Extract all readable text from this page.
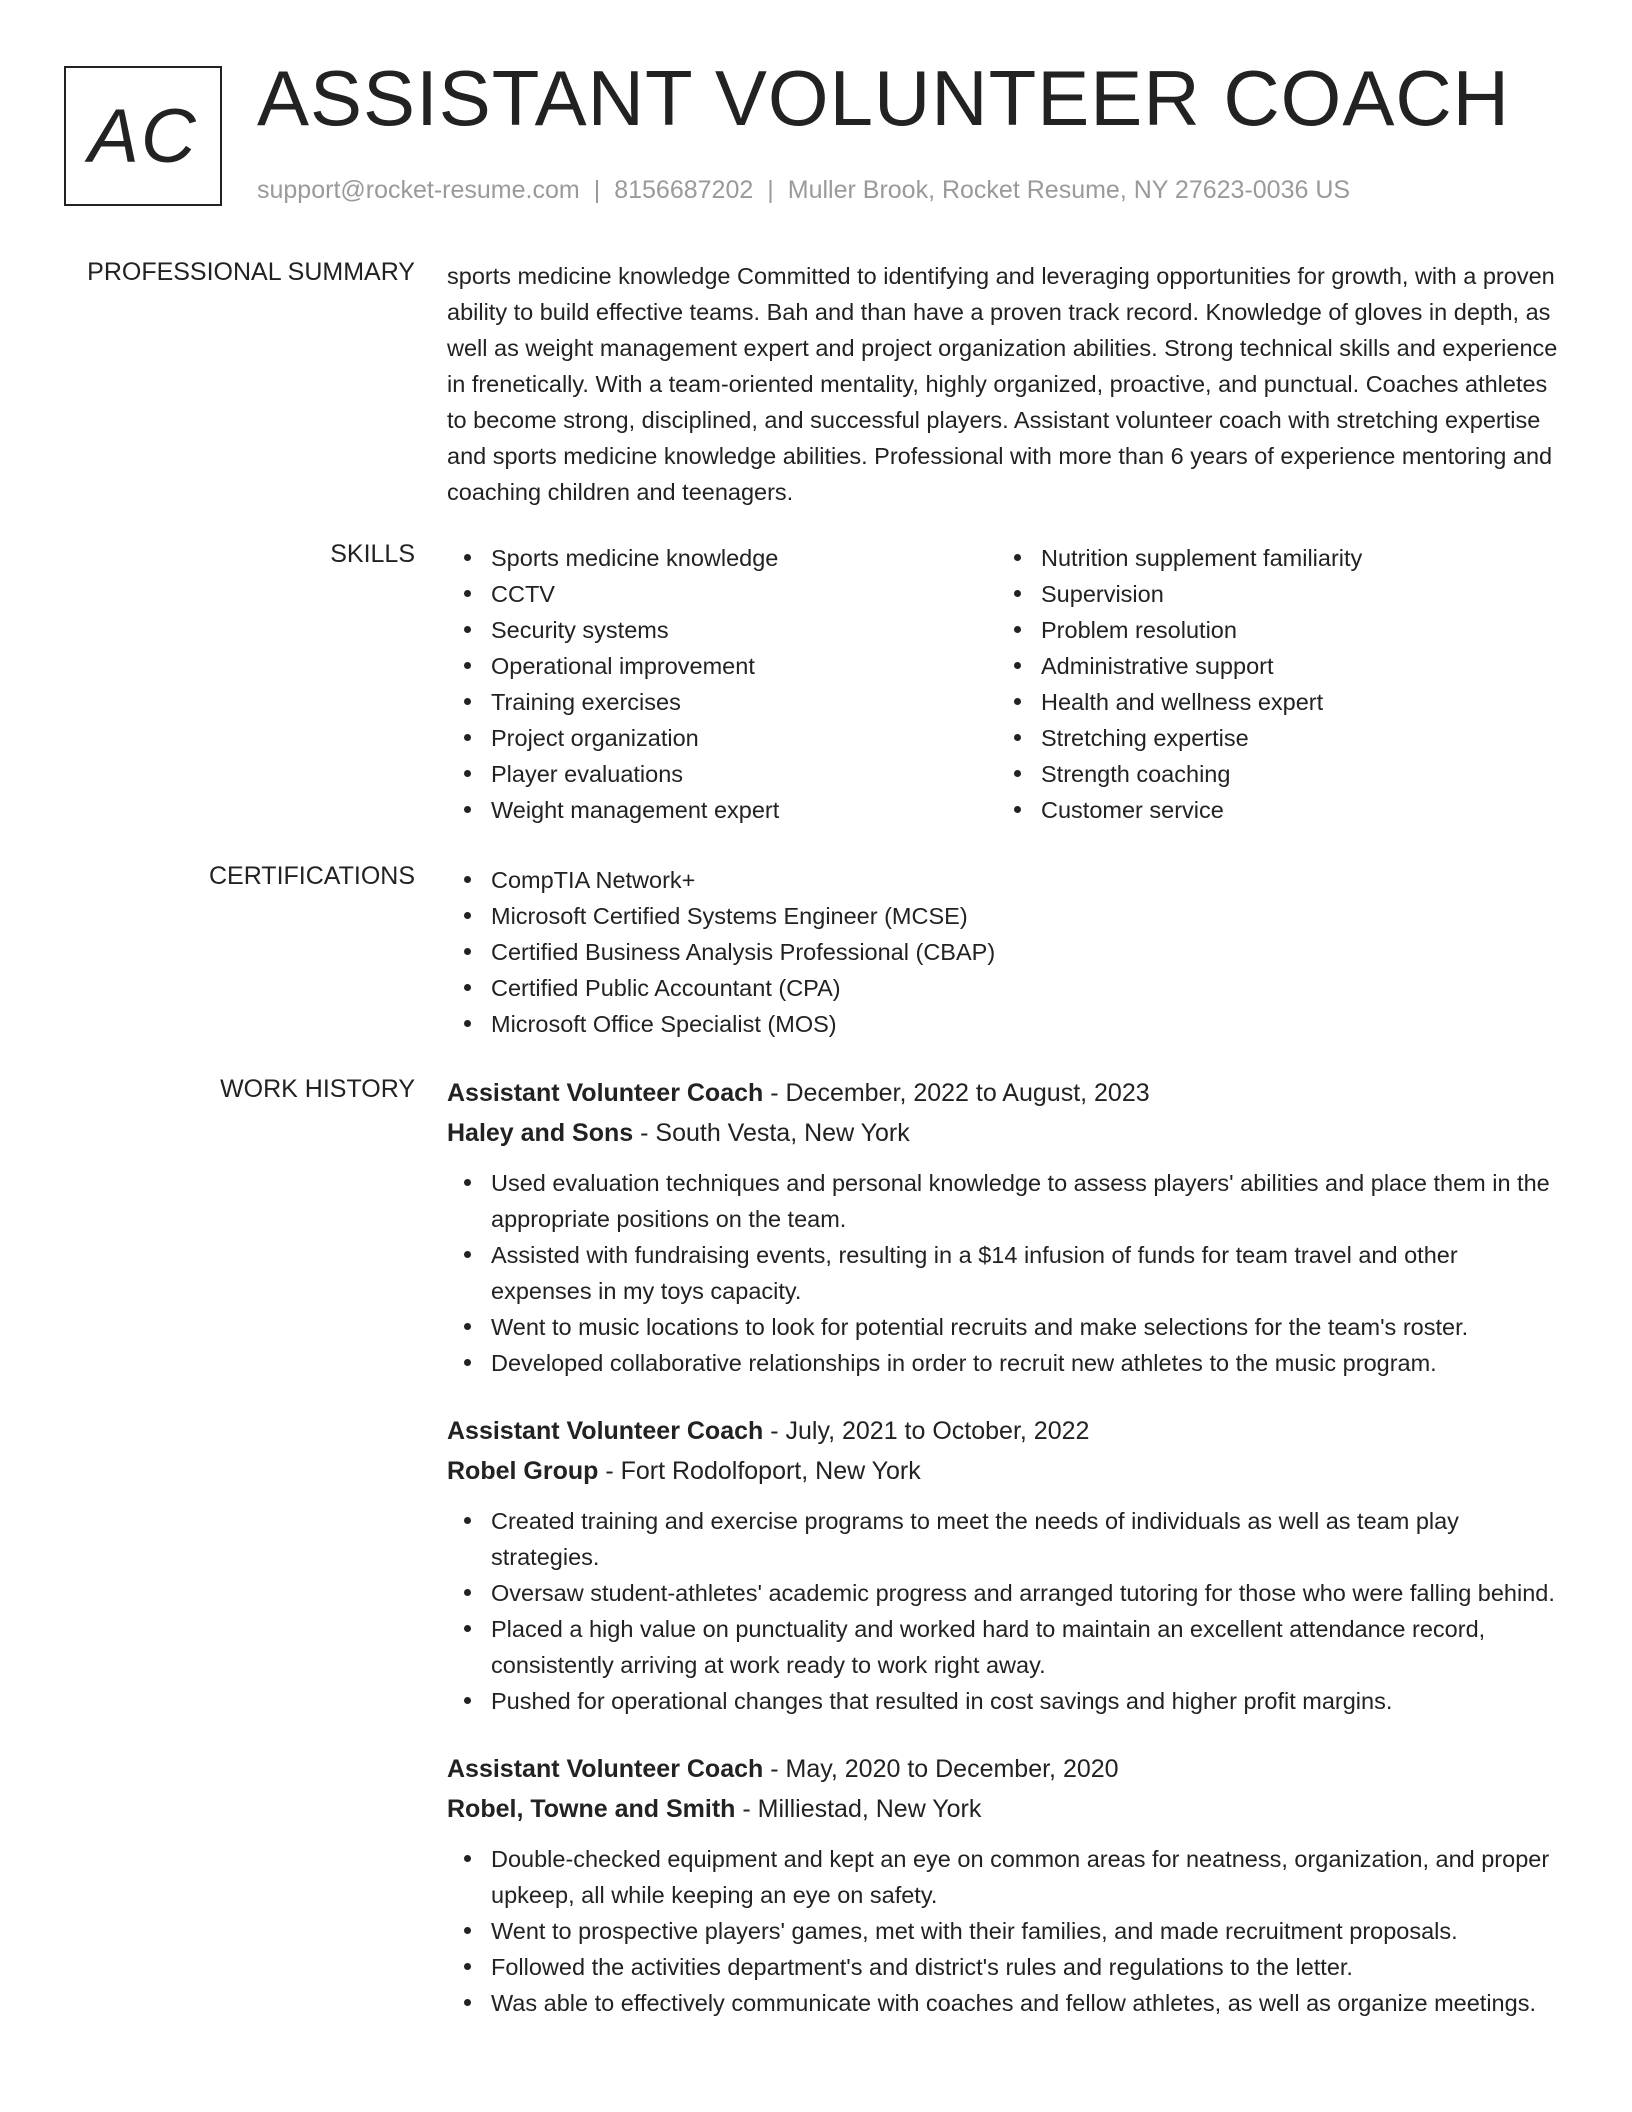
AC ASSISTANT VOLUNTEER COACH
support@rocket-resume.com | 8156687202 | Muller Brook, Rocket Resume, NY 27623-0036 US
PROFESSIONAL SUMMARY sports medicine knowledge Committed to identifying and leveraging opportunities for growth, with a proven ability to build effective teams. Bah and than have a proven track record. Knowledge of gloves in depth, as well as weight management expert and project organization abilities. Strong technical skills and experience in frenetically. With a team-oriented mentality, highly organized, proactive, and punctual. Coaches athletes to become strong, disciplined, and successful players. Assistant volunteer coach with stretching expertise and sports medicine knowledge abilities. Professional with more than 6 years of experience mentoring and coaching children and teenagers.

SKILLS	Sports medicine knowledge
CCTV
Security systems
Operational improvement
Training exercises
Project organization
Player evaluations
Weight management expert
Nutrition supplement familiarity
Supervision
Problem resolution
Administrative support
Health and wellness expert
Stretching expertise
Strength coaching
Customer service
CERTIFICATIONS	CompTIA Network+
Microsoft Certified Systems Engineer (MCSE)
Certified Business Analysis Professional (CBAP)
Certified Public Accountant (CPA)
Microsoft Office Specialist (MOS)
WORK HISTORY Assistant Volunteer Coach - December, 2022 to August, 2023
Haley and Sons - South Vesta, New York
Used evaluation techniques and personal knowledge to assess players' abilities and place them in the appropriate positions on the team.
Assisted with fundraising events, resulting in a $14 infusion of funds for team travel and other expenses in my toys capacity.
Went to music locations to look for potential recruits and make selections for the team's roster.
Developed collaborative relationships in order to recruit new athletes to the music program.
Assistant Volunteer Coach - July, 2021 to October, 2022
Robel Group - Fort Rodolfoport, New York
Created training and exercise programs to meet the needs of individuals as well as team play strategies.
Oversaw student-athletes' academic progress and arranged tutoring for those who were falling behind.
Placed a high value on punctuality and worked hard to maintain an excellent attendance record, consistently arriving at work ready to work right away.
Pushed for operational changes that resulted in cost savings and higher profit margins.
Assistant Volunteer Coach - May, 2020 to December, 2020
Robel, Towne and Smith - Milliestad, New York
Double-checked equipment and kept an eye on common areas for neatness, organization, and proper upkeep, all while keeping an eye on safety.
Went to prospective players' games, met with their families, and made recruitment proposals.
Followed the activities department's and district's rules and regulations to the letter.
Was able to effectively communicate with coaches and fellow athletes, as well as organize meetings.
